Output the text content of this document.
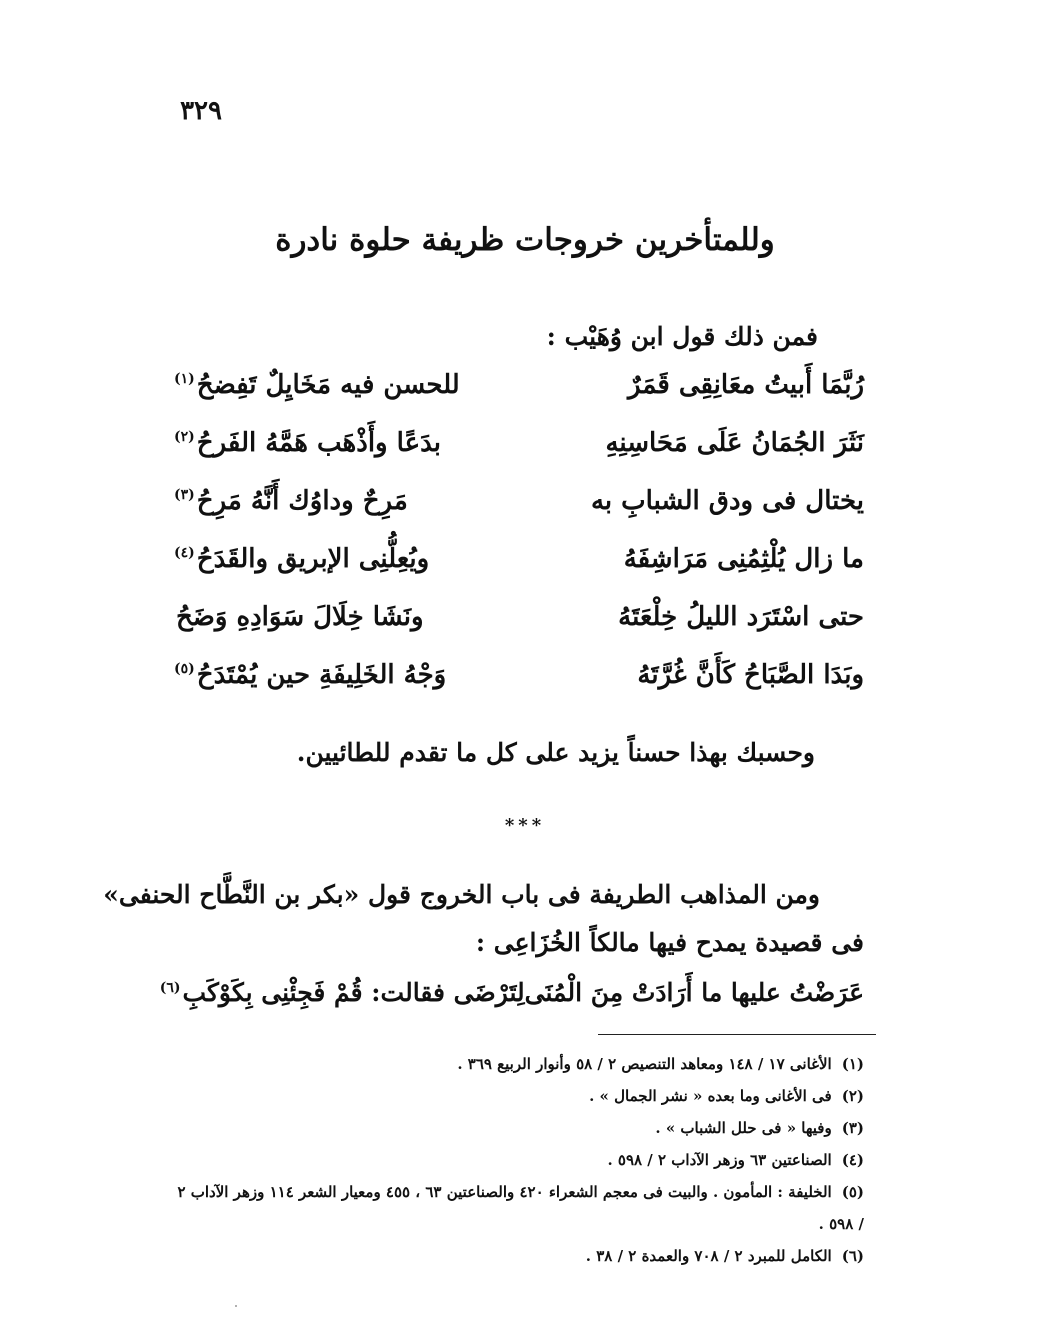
٣٢٩
وللمتأخرين خروجات ظريفة حلوة نادرة
فمن ذلك قول ابن وُهَيْب :
رُبَّمَا أَبيتُ معَانِقِى قَمَرٌ
للحسن فيه مَخَايِلٌ تَفِضحُ$^{(١)}$
نَثَرَ الجُمَانُ عَلَى مَحَاسِنِهِ
بدَعًا وأَذْهَب هَمَّهُ الفَرحُ$^{(٢)}$
يختال فى ودق الشبابِ به
مَرِحٌ وداوُك أَنَّهُ مَرِحُ$^{(٣)}$
ما زال يُلْثِمُنِى مَرَاشِفَهُ
ويُعِلُّنِى الإبريق والقَدَحُ$^{(٤)}$
حتى اسْتَرَد الليلُ خِلْعَتَهُ
ونَشَا خِلَالَ سَوَادِهِ وَضَحُ
وبَدَا الصَّبَاحُ كَأَنَّ غُرَّتَهُ
وَجْهُ الخَلِيفَةِ حين يُمْتَدَحُ$^{(٥)}$
وحسبك بهذا حسناً يزيد على كل ما تقدم للطائيين.
***
ومن المذاهب الطريفة فى باب الخروج قول «بكر بن النَّطَّاح الحنفى»
فى قصيدة يمدح فيها مالكاً الخُزَاعِى :
عَرَضْتُ عليها ما أَرَادَتْ مِنَ الْمُنَى
لِتَرْضَى فقالت: قُمْ فَجِئْنِى بِكَوْكَبِ$^{(٦)}$
(١)الأغانى ١٧ / ١٤٨ ومعاهد التنصيص ٢ / ٥٨ وأنوار الربيع ٣٦٩ .
(٢)فى الأغانى وما بعده « نشر الجمال » .
(٣)وفيها « فى حلل الشباب » .
(٤)الصناعتين ٦٣ وزهر الآداب ٢ / ٥٩٨ .
(٥)الخليفة : المأمون . والبيت فى معجم الشعراء ٤٢٠ والصناعتين ٦٣ ، ٤٥٥ ومعيار الشعر ١١٤ وزهر الآداب ٢ / ٥٩٨ .
(٦)الكامل للمبرد ٢ / ٧٠٨ والعمدة ٢ / ٣٨ .
